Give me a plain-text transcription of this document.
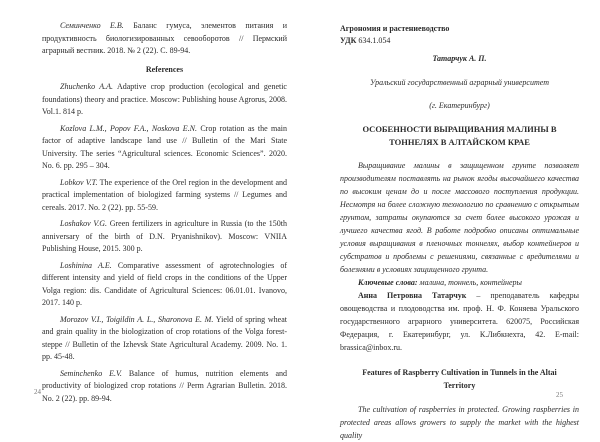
Семинченко Е.В. Баланс гумуса, элементов питания и продуктивность биологизированных севооборотов // Пермский аграрный вестник. 2018. № 2 (22). С. 89-94.

References

Zhuchenko A.A. Adaptive crop production (ecological and genetic foundations) theory and practice. Moscow: Publishing house Agrorus, 2008. Vol.1. 814 p.

Kozlova L.M., Popov F.A., Noskova E.N. Crop rotation as the main factor of adaptive landscape land use // Bulletin of the Mari State University. The series “Agricultural sciences. Economic Sciences”. 2020. No. 6. pp. 295 – 304.

Lobkov V.T. The experience of the Orel region in the development and practical implementation of biologized farming systems // Legumes and cereals. 2017. No. 2 (22). pp. 55-59.

Loshakov V.G. Green fertilizers in agriculture in Russia (to the 150th anniversary of the birth of D.N. Pryanishnikov). Moscow: VNIIA Publishing House, 2015. 300 p.

Loshinina A.E. Comparative assessment of agrotechnologies of different intensity and yield of field crops in the conditions of the Upper Volga region: dis. Candidate of Agricultural Sciences: 06.01.01. Ivanovo, 2017. 140 p.

Morozov V.I., Toigildin A. L., Sharonova E. M. Yield of spring wheat and grain quality in the biologization of crop rotations of the Volga forest-steppe // Bulletin of the Izhevsk State Agricultural Academy. 2009. No. 1. pp. 45-48.

Seminchenko E.V. Balance of humus, nutrition elements and productivity of biologized crop rotations // Perm Agrarian Bulletin. 2018. No. 2 (22). pp. 89-94.

Агрономия и растениеводство
УДК 634.1.054
Татарчук А. П.
Уральский государственный аграрный университет
(г. Екатеринбург)
ОСОБЕННОСТИ ВЫРАЩИВАНИЯ МАЛИНЫ В ТОННЕЛЯХ В АЛТАЙСКОМ КРАЕ

Выращивание малины в защищенном грунте позволяет производителям поставлять на рынок ягоды высочайшего качества по высоким ценам до и после массового поступления продукции. Несмотря на более сложную технологию по сравнению с открытым грунтом, затраты окупаются за счет более высокого урожая и лучшего качества ягод. В работе подробно описаны оптимальные условия выращивания в пленочных тоннелях, выбор контейнеров и субстратов и проблемы с решениями, связанные с вредителями и болезнями в условиях защищенного грунта.

Ключевые слова: малина, тоннель, контейнеры

Анна Петровна Татарчук – преподаватель кафедры овощеводства и плодоводства им. проф. Н. Ф. Коняева Уральского государственного аграрного университета. 620075, Российская Федерация, г. Екатеринбург, ул. К.Либкнехта, 42. E-mail: brassica@inbox.ru.

Features of Raspberry Cultivation in Tunnels in the Altai Territory

The cultivation of raspberries in protected. Growing raspberries in protected areas allows growers to supply the market with the highest quality

24	25
